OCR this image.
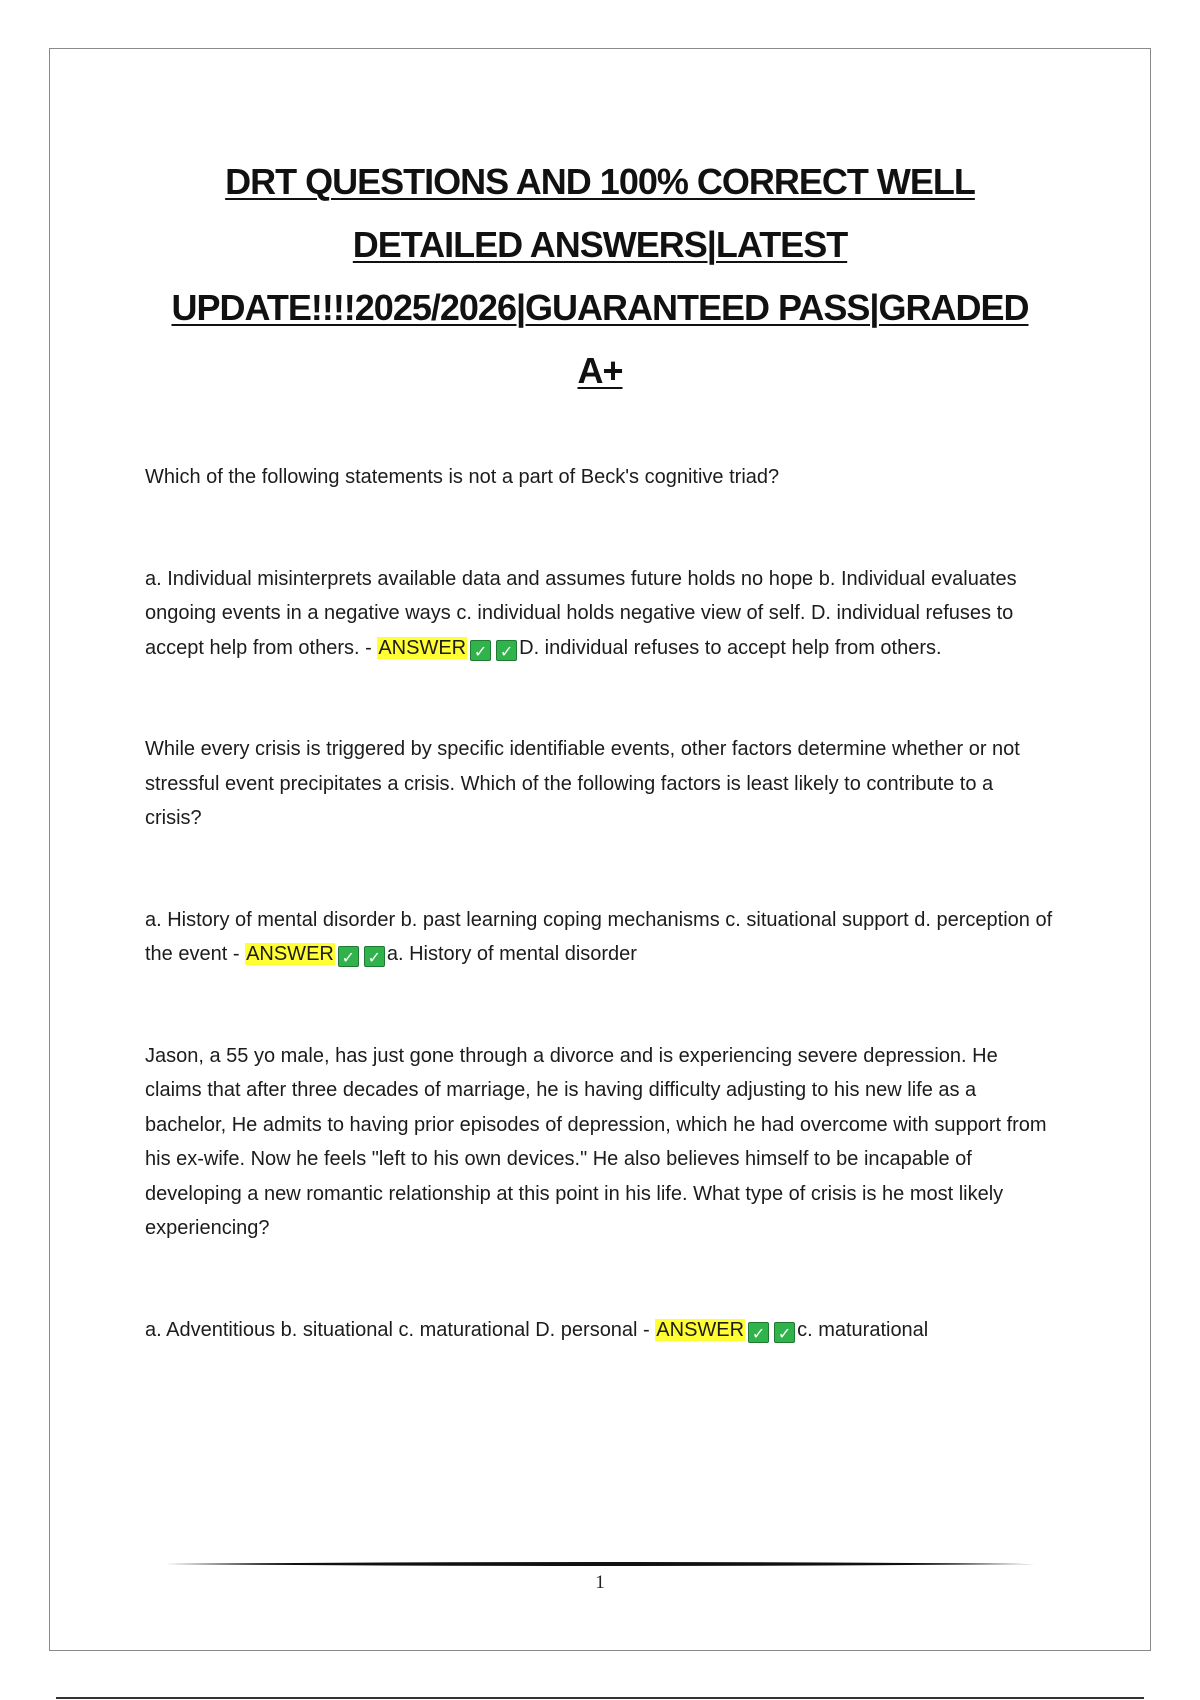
DRT QUESTIONS AND 100% CORRECT WELL DETAILED ANSWERS|LATEST UPDATE!!!!2025/2026|GUARANTEED PASS|GRADED A+

Which of the following statements is not a part of Beck's cognitive triad?

a. Individual misinterprets available data and assumes future holds no hope b. Individual evaluates ongoing events in a negative ways c. individual holds negative view of self. D. individual refuses to accept help from others. - ANSWER ✓ ✓ D. individual refuses to accept help from others.

While every crisis is triggered by specific identifiable events, other factors determine whether or not stressful event precipitates a crisis. Which of the following factors is least likely to contribute to a crisis?

a. History of mental disorder b. past learning coping mechanisms c. situational support d. perception of the event - ANSWER ✓ ✓ a. History of mental disorder

Jason, a 55 yo male, has just gone through a divorce and is experiencing severe depression. He claims that after three decades of marriage, he is having difficulty adjusting to his new life as a bachelor, He admits to having prior episodes of depression, which he had overcome with support from his ex-wife. Now he feels "left to his own devices." He also believes himself to be incapable of developing a new romantic relationship at this point in his life. What type of crisis is he most likely experiencing?

a. Adventitious b. situational c. maturational D. personal - ANSWER ✓ ✓ c. maturational

1
